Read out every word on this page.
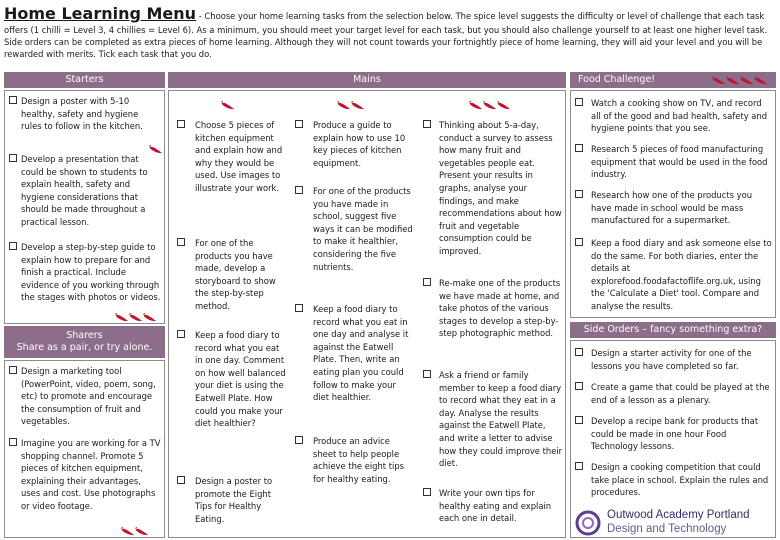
Home Learning Menu - Choose your home learning tasks from the selection below. The spice level suggests the difficulty or level of challenge that each task offers (1 chilli = Level 3, 4 chillies = Level 6). As a minimum, you should meet your target level for each task, but you should also challenge yourself to at least one higher level task. Side orders can be completed as extra pieces of home learning. Although they will not count towards your fortnightly piece of home learning, they will aid your level and you will be rewarded with merits. Tick each task that you do.
Starters
Design a poster with 5-10 healthy, safety and hygiene rules to follow in the kitchen.
Develop a presentation that could be shown to students to explain health, safety and hygiene considerations that should be made throughout a practical lesson.
Develop a step-by-step guide to explain how to prepare for and finish a practical. Include evidence of you working through the stages with photos or videos.
Sharers
Share as a pair, or try alone.
Design a marketing tool (PowerPoint, video, poem, song, etc) to promote and encourage the consumption of fruit and vegetables.
Imagine you are working for a TV shopping channel. Promote 5 pieces of kitchen equipment, explaining their advantages, uses and cost. Use photographs or video footage.
Mains
Choose 5 pieces of kitchen equipment and explain how and why they would be used. Use images to illustrate your work.
For one of the products you have made, develop a storyboard to show the step-by-step method.
Keep a food diary to record what you eat in one day. Comment on how well balanced your diet is using the Eatwell Plate. How could you make your diet healthier?
Design a poster to promote the Eight Tips for Healthy Eating.
Produce a guide to explain how to use 10 key pieces of kitchen equipment.
For one of the products you have made in school, suggest five ways it can be modified to make it healthier, considering the five nutrients.
Keep a food diary to record what you eat in one day and analyse it against the Eatwell Plate. Then, write an eating plan you could follow to make your diet healthier.
Produce an advice sheet to help people achieve the eight tips for healthy eating.
Thinking about 5-a-day, conduct a survey to assess how many fruit and vegetables people eat. Present your results in graphs, analyse your findings, and make recommendations about how fruit and vegetable consumption could be improved.
Re-make one of the products we have made at home, and take photos of the various stages to develop a step-by-step photographic method.
Ask a friend or family member to keep a food diary to record what they eat in a day. Analyse the results against the Eatwell Plate, and write a letter to advise how they could improve their diet.
Write your own tips for healthy eating and explain each one in detail.
Food Challenge!
Watch a cooking show on TV, and record all of the good and bad health, safety and hygiene points that you see.
Research 5 pieces of food manufacturing equipment that would be used in the food industry.
Research how one of the products you have made in school would be mass manufactured for a supermarket.
Keep a food diary and ask someone else to do the same. For both diaries, enter the details at explorefood.foodafactoflife.org.uk, using the 'Calculate a Diet' tool. Compare and analyse the results.
Side Orders – fancy something extra?
Design a starter activity for one of the lessons you have completed so far.
Create a game that could be played at the end of a lesson as a plenary.
Develop a recipe bank for products that could be made in one hour Food Technology lessons.
Design a cooking competition that could take place in school. Explain the rules and procedures.
Outwood Academy Portland
Design and Technology
